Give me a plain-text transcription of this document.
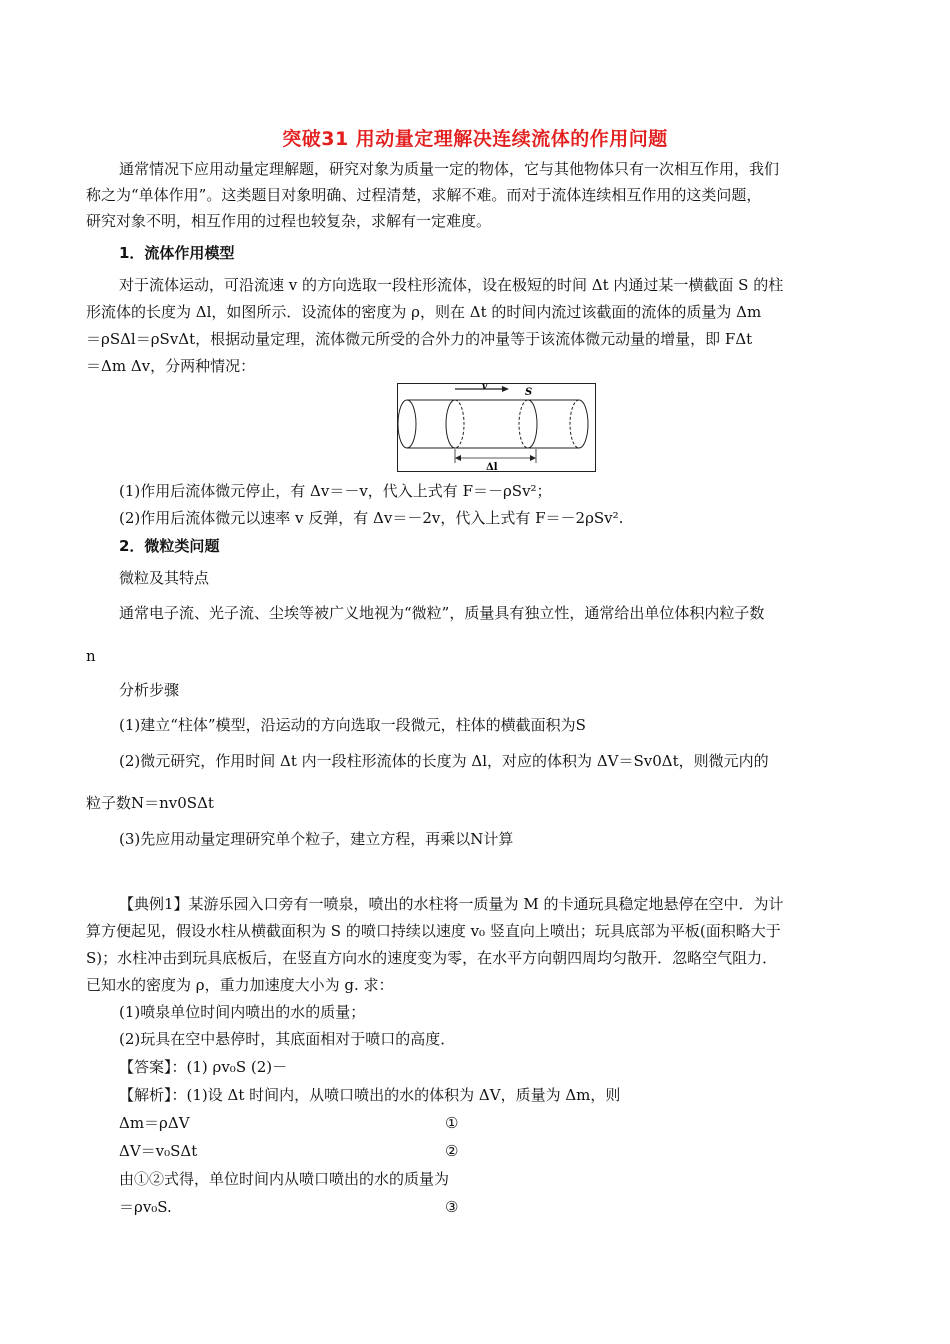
突破31 用动量定理解决连续流体的作用问题
通常情况下应用动量定理解题，研究对象为质量一定的物体，它与其他物体只有一次相互作用，我们
称之为“单体作用”。这类题目对象明确、过程清楚，求解不难。而对于流体连续相互作用的这类问题，
研究对象不明，相互作用的过程也较复杂，求解有一定难度。
1．流体作用模型
对于流体运动，可沿流速 v 的方向选取一段柱形流体，设在极短的时间 Δt 内通过某一横截面 S 的柱
形流体的长度为 Δl，如图所示．设流体的密度为 ρ，则在 Δt 的时间内流过该截面的流体的质量为 Δm
＝ρSΔl＝ρSvΔt，根据动量定理，流体微元所受的合外力的冲量等于该流体微元动量的增量，即 FΔt
＝Δm Δv，分两种情况：
v	S
Δl
(1)作用后流体微元停止，有 Δv＝－v，代入上式有 F＝－ρSv²；
(2)作用后流体微元以速率 v 反弹，有 Δv＝－2v，代入上式有 F＝－2ρSv².
2．微粒类问题
微粒及其特点
通常电子流、光子流、尘埃等被广义地视为“微粒”，质量具有独立性，通常给出单位体积内粒子数
n
分析步骤
(1)建立“柱体”模型，沿运动的方向选取一段微元，柱体的横截面积为S
(2)微元研究，作用时间 Δt 内一段柱形流体的长度为 Δl，对应的体积为 ΔV＝Sv0Δt，则微元内的
粒子数N＝nv0SΔt
(3)先应用动量定理研究单个粒子，建立方程，再乘以N计算
【典例1】某游乐园入口旁有一喷泉，喷出的水柱将一质量为 M 的卡通玩具稳定地悬停在空中．为计
算方便起见，假设水柱从横截面积为 S 的喷口持续以速度 v₀ 竖直向上喷出；玩具底部为平板(面积略大于
S)；水柱冲击到玩具底板后，在竖直方向水的速度变为零，在水平方向朝四周均匀散开．忽略空气阻力．
已知水的密度为 ρ，重力加速度大小为 g. 求：
(1)喷泉单位时间内喷出的水的质量；
(2)玩具在空中悬停时，其底面相对于喷口的高度．
【答案】：(1) ρv₀S (2)－
【解析】：(1)设 Δt 时间内，从喷口喷出的水的体积为 ΔV，质量为 Δm，则
Δm＝ρΔV	①
ΔV＝v₀SΔt	②
由①②式得，单位时间内从喷口喷出的水的质量为
＝ρv₀S.	③
